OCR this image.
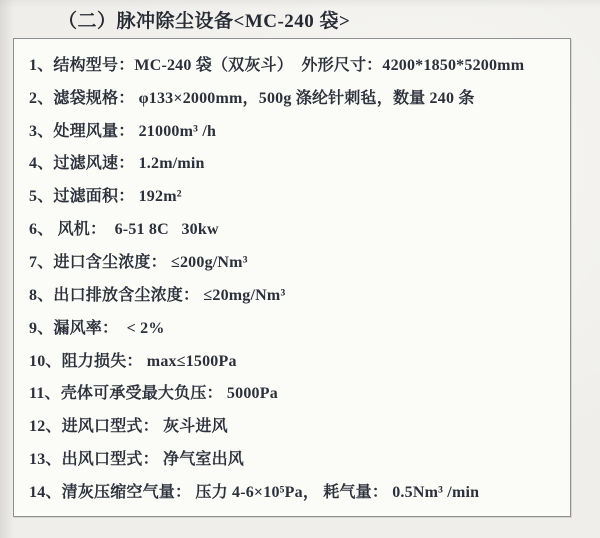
（二）脉冲除尘设备<MC-240 袋>
1、结构型号：MC-240 袋（双灰斗）  外形尺寸：4200*1850*5200mm
2、滤袋规格： φ133×2000mm，500g 涤纶针刺毡，数量 240 条
3、处理风量： 21000m³ /h
4、过滤风速： 1.2m/min
5、过滤面积： 192m²
6、 风机：  6-51 8C   30kw
7、进口含尘浓度： ≤200g/Nm³
8、出口排放含尘浓度： ≤20mg/Nm³
9、漏风率：  < 2%
10、阻力损失： max≤1500Pa
11、壳体可承受最大负压： 5000Pa
12、进风口型式： 灰斗进风
13、出风口型式： 净气室出风
14、清灰压缩空气量： 压力 4-6×10⁵Pa， 耗气量： 0.5Nm³ /min
